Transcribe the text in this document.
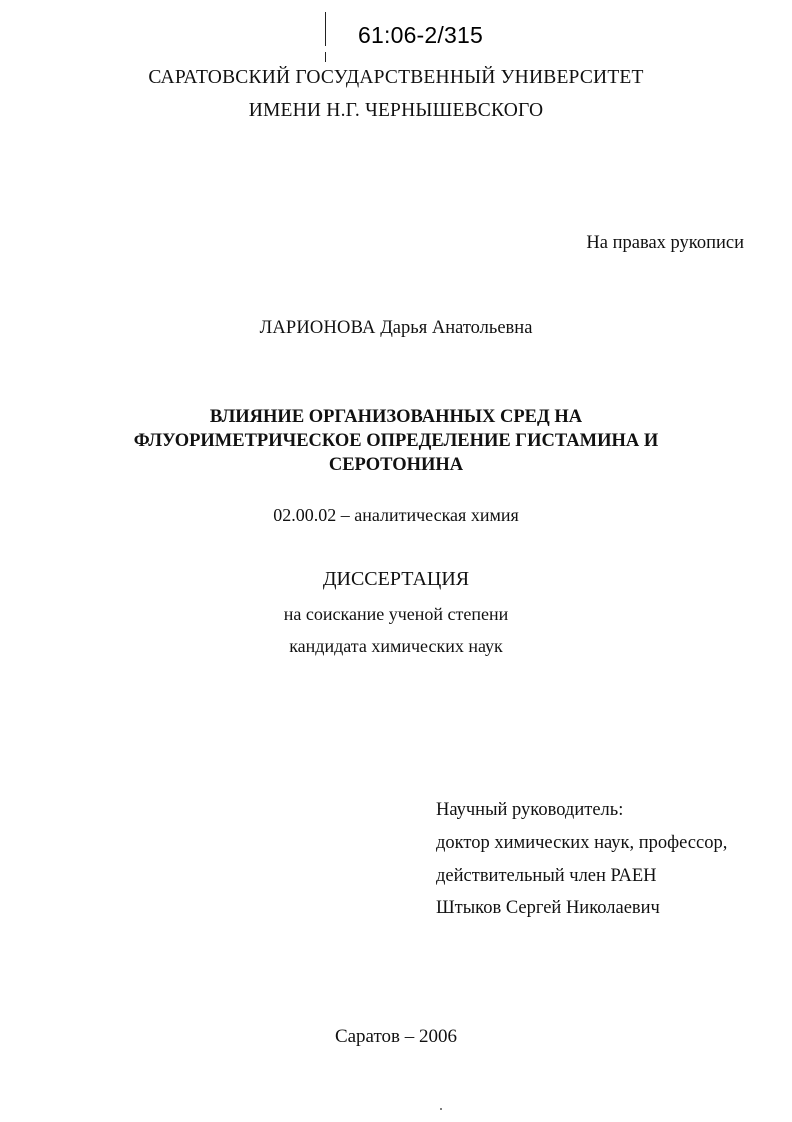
61:06-2/315
САРАТОВСКИЙ ГОСУДАРСТВЕННЫЙ УНИВЕРСИТЕТ
ИМЕНИ Н.Г. ЧЕРНЫШЕВСКОГО
На правах рукописи
ЛАРИОНОВА Дарья Анатольевна
ВЛИЯНИЕ ОРГАНИЗОВАННЫХ СРЕД НА
ФЛУОРИМЕТРИЧЕСКОЕ ОПРЕДЕЛЕНИЕ ГИСТАМИНА И
СЕРОТОНИНА
02.00.02 – аналитическая химия
ДИССЕРТАЦИЯ
на соискание ученой степени
кандидата химических наук
Научный руководитель:
доктор химических наук, профессор,
действительный член РАЕН
Штыков Сергей Николаевич
Саратов – 2006
